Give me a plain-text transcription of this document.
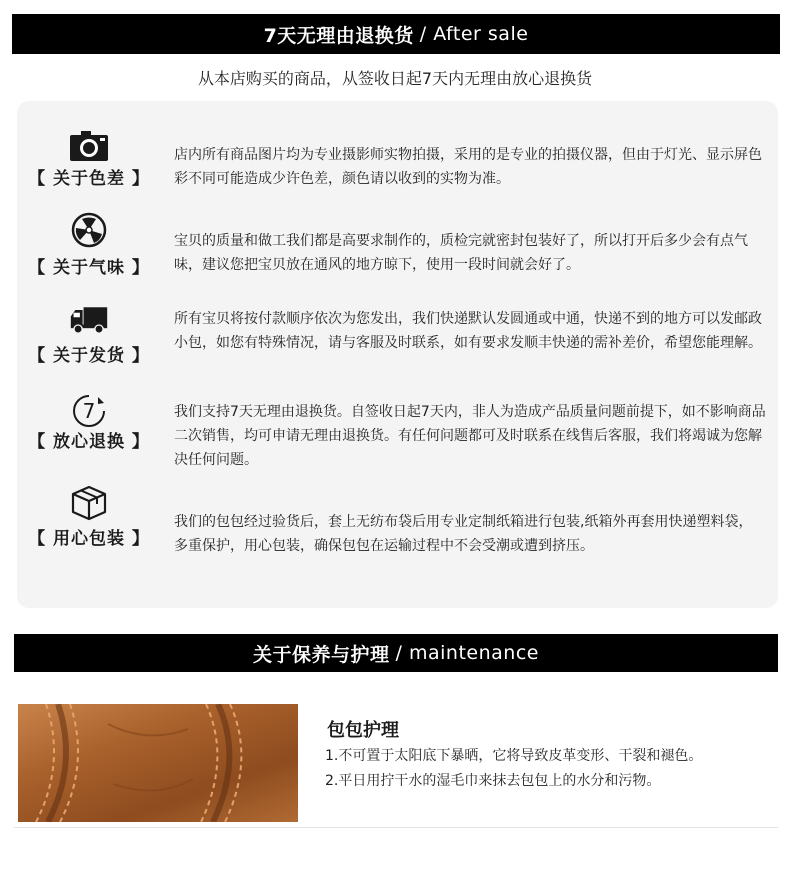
7天无理由退换货 / After sale
从本店购买的商品，从签收日起7天内无理由放心退换货
【 关于色差 】
店内所有商品图片均为专业摄影师实物拍摄，采用的是专业的拍摄仪器，但由于灯光、显示屏色彩不同可能造成少许色差，颜色请以收到的实物为准。
【 关于气味 】
宝贝的质量和做工我们都是高要求制作的，质检完就密封包装好了，所以打开后多少会有点气味，建议您把宝贝放在通风的地方晾下，使用一段时间就会好了。
【 关于发货 】
所有宝贝将按付款顺序依次为您发出，我们快递默认发圆通或中通，快递不到的地方可以发邮政小包，如您有特殊情况，请与客服及时联系，如有要求发顺丰快递的需补差价，希望您能理解。
7
【 放心退换 】
我们支持7天无理由退换货。自签收日起7天内，非人为造成产品质量问题前提下，如不影响商品二次销售，均可申请无理由退换货。有任何问题都可及时联系在线售后客服，我们将竭诚为您解决任何问题。
【 用心包装 】
我们的包包经过验货后，套上无纺布袋后用专业定制纸箱进行包装,纸箱外再套用快递塑料袋，多重保护，用心包装，确保包包在运输过程中不会受潮或遭到挤压。
关于保养与护理 / maintenance
包包护理
1.不可置于太阳底下暴晒，它将导致皮革变形、干裂和褪色。
2.平日用拧干水的湿毛巾来抹去包包上的水分和污物。
